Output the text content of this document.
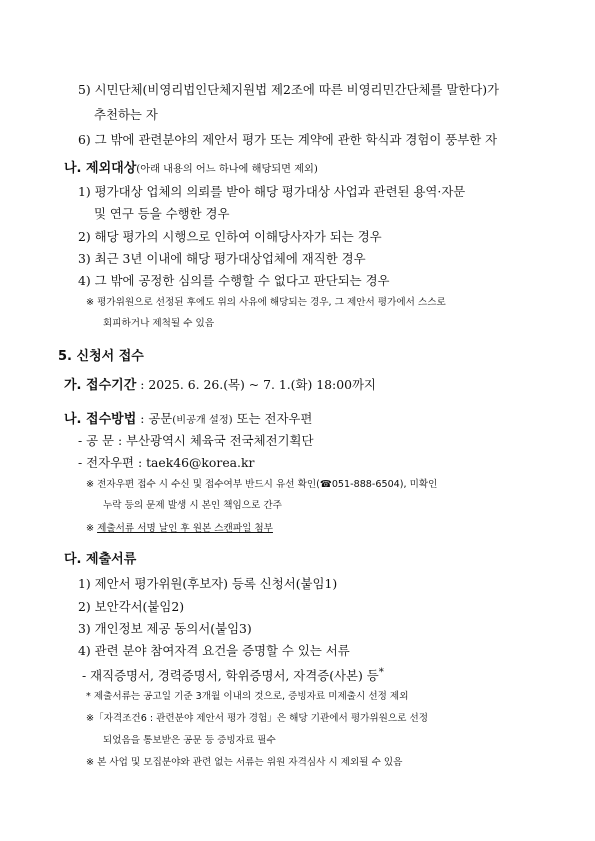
5) 시민단체(비영리법인단체지원법 제2조에 따른 비영리민간단체를 말한다)가
추천하는 자
6) 그 밖에 관련분야의 제안서 평가 또는 계약에 관한 학식과 경험이 풍부한 자
나. 제외대상(아래 내용의 어느 하나에 해당되면 제외)
1) 평가대상 업체의 의뢰를 받아 해당 평가대상 사업과 관련된 용역·자문
및 연구 등을 수행한 경우
2) 해당 평가의 시행으로 인하여 이해당사자가 되는 경우
3) 최근 3년 이내에 해당 평가대상업체에 재직한 경우
4) 그 밖에 공정한 심의를 수행할 수 없다고 판단되는 경우
※ 평가위원으로 선정된 후에도 위의 사유에 해당되는 경우, 그 제안서 평가에서 스스로
회피하거나 제척될 수 있음
5. 신청서 접수
가. 접수기간 : 2025. 6. 26.(목) ~ 7. 1.(화) 18:00까지
나. 접수방법 : 공문(비공개 설정) 또는 전자우편
- 공 문 : 부산광역시 체육국 전국체전기획단
- 전자우편 : taek46@korea.kr
※ 전자우편 접수 시 수신 및 접수여부 반드시 유선 확인(☎051-888-6504), 미확인
누락 등의 문제 발생 시 본인 책임으로 간주
※ 제출서류 서명 날인 후 원본 스캔파일 첨부
다. 제출서류
1) 제안서 평가위원(후보자) 등록 신청서(붙임1)
2) 보안각서(붙임2)
3) 개인정보 제공 동의서(붙임3)
4) 관련 분야 참여자격 요건을 증명할 수 있는 서류
- 재직증명서, 경력증명서, 학위증명서, 자격증(사본) 등*
* 제출서류는 공고일 기준 3개월 이내의 것으로, 증빙자료 미제출시 선정 제외
※「자격조건6 : 관련분야 제안서 평가 경험」은 해당 기관에서 평가위원으로 선정
되었음을 통보받은 공문 등 증빙자료 필수
※ 본 사업 및 모집분야와 관련 없는 서류는 위원 자격심사 시 제외될 수 있음
